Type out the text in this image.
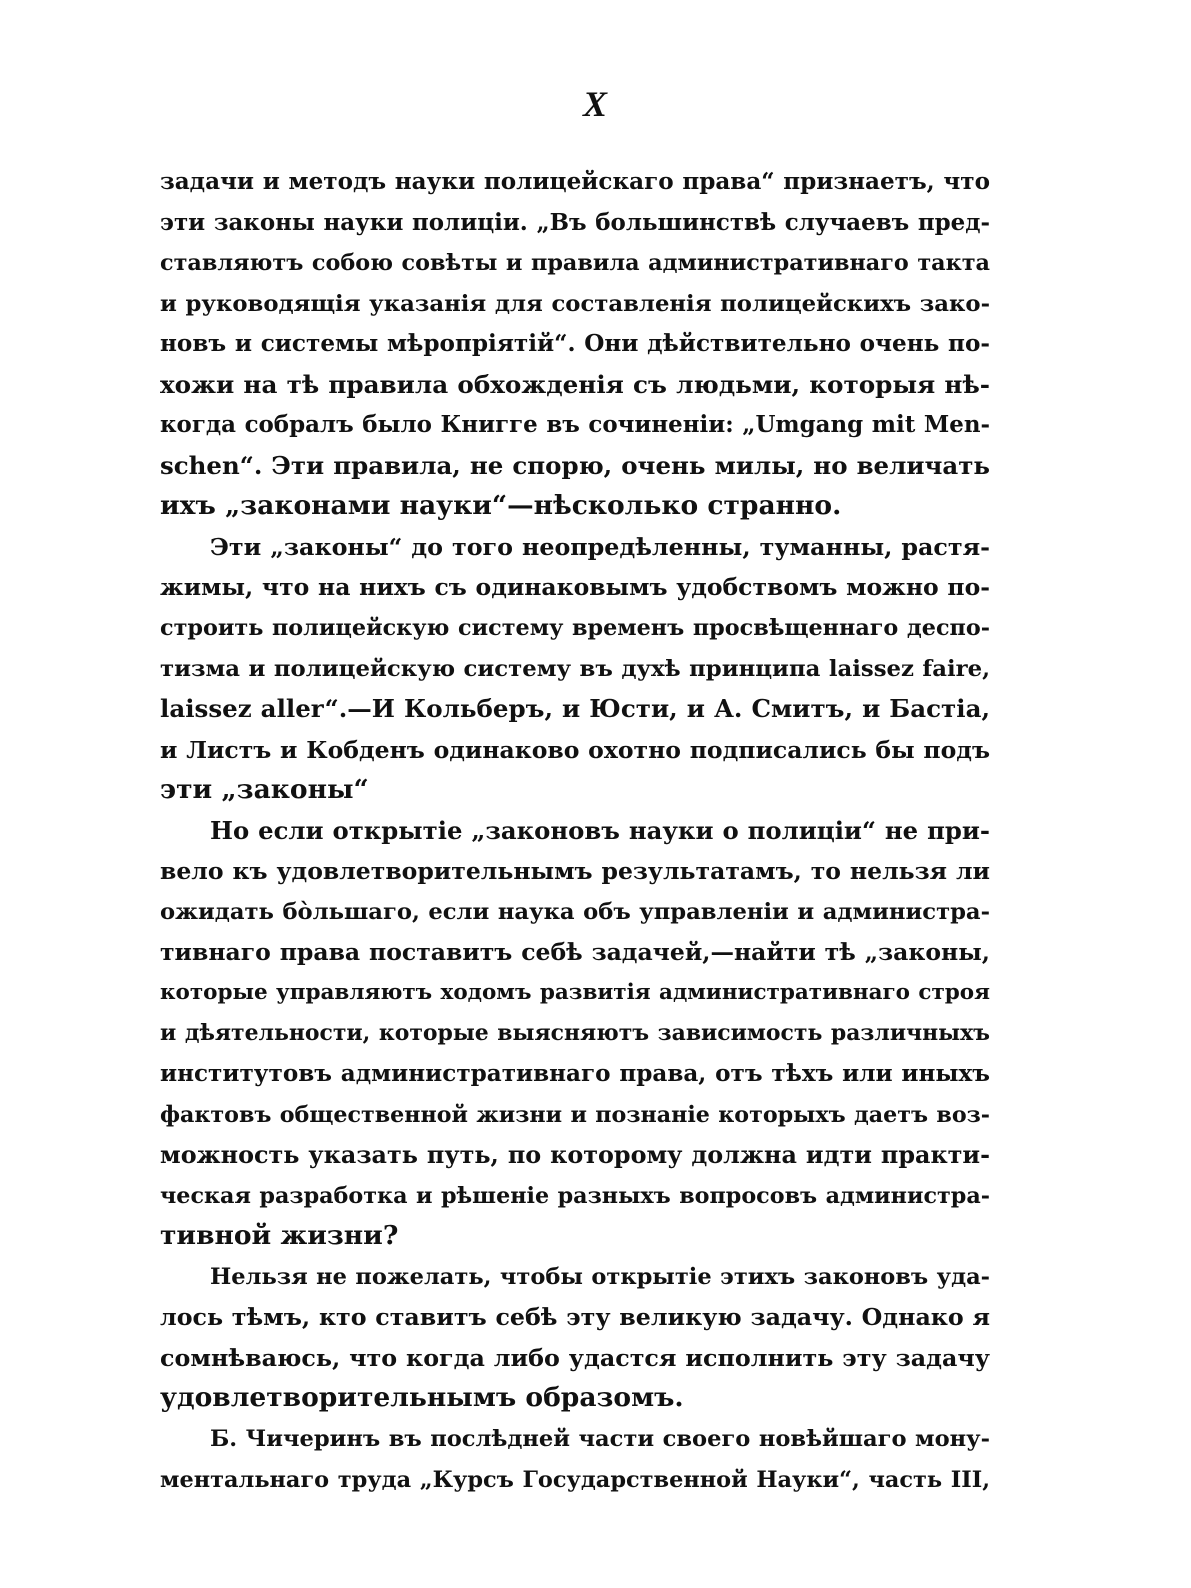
X
задачи и методъ науки полицейскаго права“ признаетъ, что
эти законы науки полиціи. „Въ большинствѣ случаевъ пред-
ставляютъ собою совѣты и правила административнаго такта
и руководящія указанія для составленія полицейскихъ зако-
новъ и системы мѣропріятій“. Они дѣйствительно очень по-
хожи на тѣ правила обхожденія съ людьми, которыя нѣ-
когда собралъ было Книгге въ сочиненіи: „Umgang mit Men-
schen“. Эти правила, не спорю, очень милы, но величать
ихъ „законами науки“—нѣсколько странно.
Эти „законы“ до того неопредѣленны, туманны, растя-
жимы, что на нихъ съ одинаковымъ удобствомъ можно по-
строить полицейскую систему временъ просвѣщеннаго деспо-
тизма и полицейскую систему въ духѣ принципа laissez faire,
laissez aller“.—И Кольберъ, и Юсти, и А. Смитъ, и Бастіа,
и Листъ и Кобденъ одинаково охотно подписались бы подъ
эти „законы“
Но если открытіе „законовъ науки о полиціи“ не при-
вело къ удовлетворительнымъ результатамъ, то нельзя ли
ожидать бо̀льшаго, если наука объ управленіи и администра-
тивнаго права поставитъ себѣ задачей,—найти тѣ „законы,
которые управляютъ ходомъ развитія административнаго строя
и дѣятельности, которые выясняютъ зависимость различныхъ
институтовъ административнаго права, отъ тѣхъ или иныхъ
фактовъ общественной жизни и познаніе которыхъ даетъ воз-
можность указать путь, по которому должна идти практи-
ческая разработка и рѣшеніе разныхъ вопросовъ администра-
тивной жизни?
Нельзя не пожелать, чтобы открытіе этихъ законовъ уда-
лось тѣмъ, кто ставитъ себѣ эту великую задачу. Однако я
сомнѣваюсь, что когда либо удастся исполнить эту задачу
удовлетворительнымъ образомъ.
Б. Чичеринъ въ послѣдней части своего новѣйшаго мону-
ментальнаго труда „Курсъ Государственной Науки“, часть III,
